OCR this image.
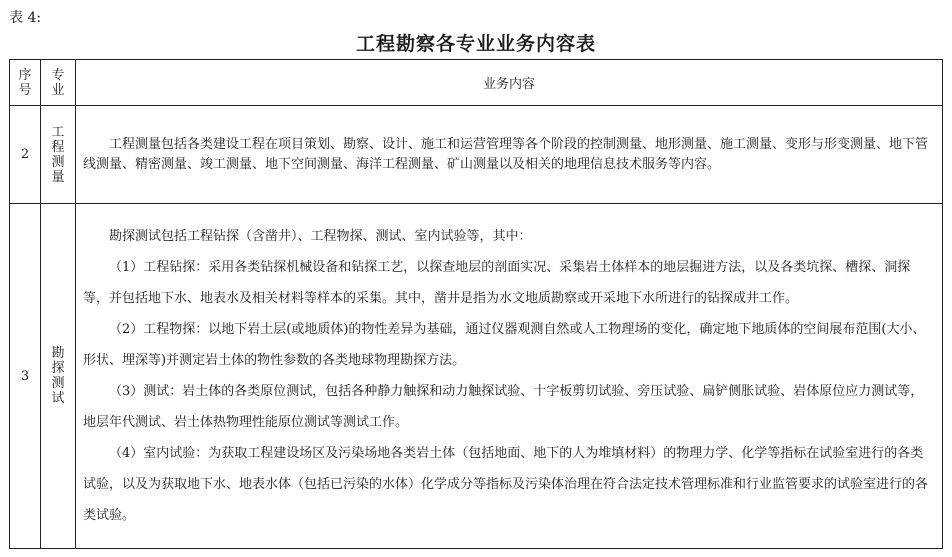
表 4:
工程勘察各专业业务内容表
序号	专业	业务内容
2	工程测量	工程测量包括各类建设工程在项目策划、勘察、设计、施工和运营管理等各个阶段的控制测量、地形测量、施工测量、变形与形变测量、地下管线测量、精密测量、竣工测量、地下空间测量、海洋工程测量、矿山测量以及相关的地理信息技术服务等内容。

3	勘探测试	勘探测试包括工程钻探（含凿井）、工程物探、测试、室内试验等，其中：

（1）工程钻探：采用各类钻探机械设备和钻探工艺，以探查地层的剖面实况、采集岩土体样本的地层掘进方法，以及各类坑探、槽探、洞探等，并包括地下水、地表水及相关材料等样本的采集。其中，凿井是指为水文地质勘察或开采地下水所进行的钻探成井工作。

（2）工程物探：以地下岩土层(或地质体)的物性差异为基础，通过仪器观测自然或人工物理场的变化，确定地下地质体的空间展布范围(大小、形状、埋深等)并测定岩土体的物性参数的各类地球物理勘探方法。

（3）测试：岩土体的各类原位测试，包括各种静力触探和动力触探试验、十字板剪切试验、旁压试验、扁铲侧胀试验、岩体原位应力测试等，地层年代测试、岩土体热物理性能原位测试等测试工作。

（4）室内试验：为获取工程建设场区及污染场地各类岩土体（包括地面、地下的人为堆填材料）的物理力学、化学等指标在试验室进行的各类试验，以及为获取地下水、地表水体（包括已污染的水体）化学成分等指标及污染体治理在符合法定技术管理标准和行业监管要求的试验室进行的各类试验。
